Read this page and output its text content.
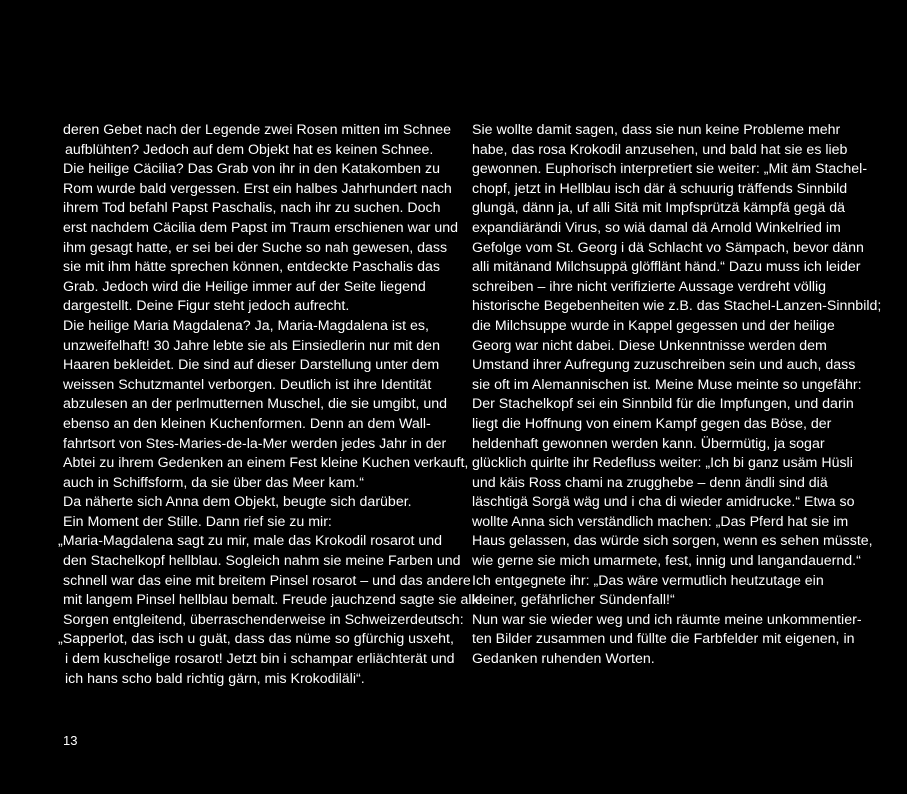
deren Gebet nach der Legende zwei Rosen mitten im Schnee
aufblühten? Jedoch auf dem Objekt hat es keinen Schnee.
Die heilige Cäcilia? Das Grab von ihr in den Katakomben zu
Rom wurde bald vergessen. Erst ein halbes Jahrhundert nach
ihrem Tod befahl Papst Paschalis, nach ihr zu suchen. Doch
erst nachdem Cäcilia dem Papst im Traum erschienen war und
ihm gesagt hatte, er sei bei der Suche so nah gewesen, dass
sie mit ihm hätte sprechen können, entdeckte Paschalis das
Grab. Jedoch wird die Heilige immer auf der Seite liegend
dargestellt. Deine Figur steht jedoch aufrecht.
Die heilige Maria Magdalena? Ja, Maria-Magdalena ist es,
unzweifelhaft! 30 Jahre lebte sie als Einsiedlerin nur mit den
Haaren bekleidet. Die sind auf dieser Darstellung unter dem
weissen Schutzmantel verborgen. Deutlich ist ihre Identität
abzulesen an der perlmutternen Muschel, die sie umgibt, und
ebenso an den kleinen Kuchenformen. Denn an dem Wall-
fahrtsort von Stes-Maries-de-la-Mer werden jedes Jahr in der
Abtei zu ihrem Gedenken an einem Fest kleine Kuchen verkauft,
auch in Schiffsform, da sie über das Meer kam.“
Da näherte sich Anna dem Objekt, beugte sich darüber.
Ein Moment der Stille. Dann rief sie zu mir:
„Maria-Magdalena sagt zu mir, male das Krokodil rosarot und
den Stachelkopf hellblau. Sogleich nahm sie meine Farben und
schnell war das eine mit breitem Pinsel rosarot – und das andere
mit langem Pinsel hellblau bemalt. Freude jauchzend sagte sie alle
Sorgen entgleitend, überraschenderweise in Schweizerdeutsch:
„Sapperlot, das isch u guät, dass das nüme so gfürchig usxeht,
i dem kuschelige rosarot! Jetzt bin i schampar erliächterät und
ich hans scho bald richtig gärn, mis Krokodiläli“.
Sie wollte damit sagen, dass sie nun keine Probleme mehr
habe, das rosa Krokodil anzusehen, und bald hat sie es lieb
gewonnen. Euphorisch interpretiert sie weiter: „Mit äm Stachel-
chopf, jetzt in Hellblau isch där ä schuurig träffends Sinnbild
glungä, dänn ja, uf alli Sitä mit Impfsprützä kämpfä gegä dä
expandiärändi Virus, so wiä damal dä Arnold Winkelried im
Gefolge vom St. Georg i dä Schlacht vo Sämpach, bevor dänn
alli mitänand Milchsuppä glöfflänt händ.“ Dazu muss ich leider
schreiben – ihre nicht verifizierte Aussage verdreht völlig
historische Begebenheiten wie z.B. das Stachel-Lanzen-Sinnbild;
die Milchsuppe wurde in Kappel gegessen und der heilige
Georg war nicht dabei. Diese Unkenntnisse werden dem
Umstand ihrer Aufregung zuzuschreiben sein und auch, dass
sie oft im Alemannischen ist. Meine Muse meinte so ungefähr:
Der Stachelkopf sei ein Sinnbild für die Impfungen, und darin
liegt die Hoffnung von einem Kampf gegen das Böse, der
heldenhaft gewonnen werden kann. Übermütig, ja sogar
glücklich quirlte ihr Redefluss weiter: „Ich bi ganz usäm Hüsli
und käis Ross chami na zrugghebe – denn ändli sind diä
läschtigä Sorgä wäg und i cha di wieder amidrucke.“ Etwa so
wollte Anna sich verständlich machen: „Das Pferd hat sie im
Haus gelassen, das würde sich sorgen, wenn es sehen müsste,
wie gerne sie mich umarmete, fest, innig und langandauernd.“
Ich entgegnete ihr: „Das wäre vermutlich heutzutage ein
kleiner, gefährlicher Sündenfall!“
Nun war sie wieder weg und ich räumte meine unkommentier-
ten Bilder zusammen und füllte die Farbfelder mit eigenen, in
Gedanken ruhenden Worten.
13
